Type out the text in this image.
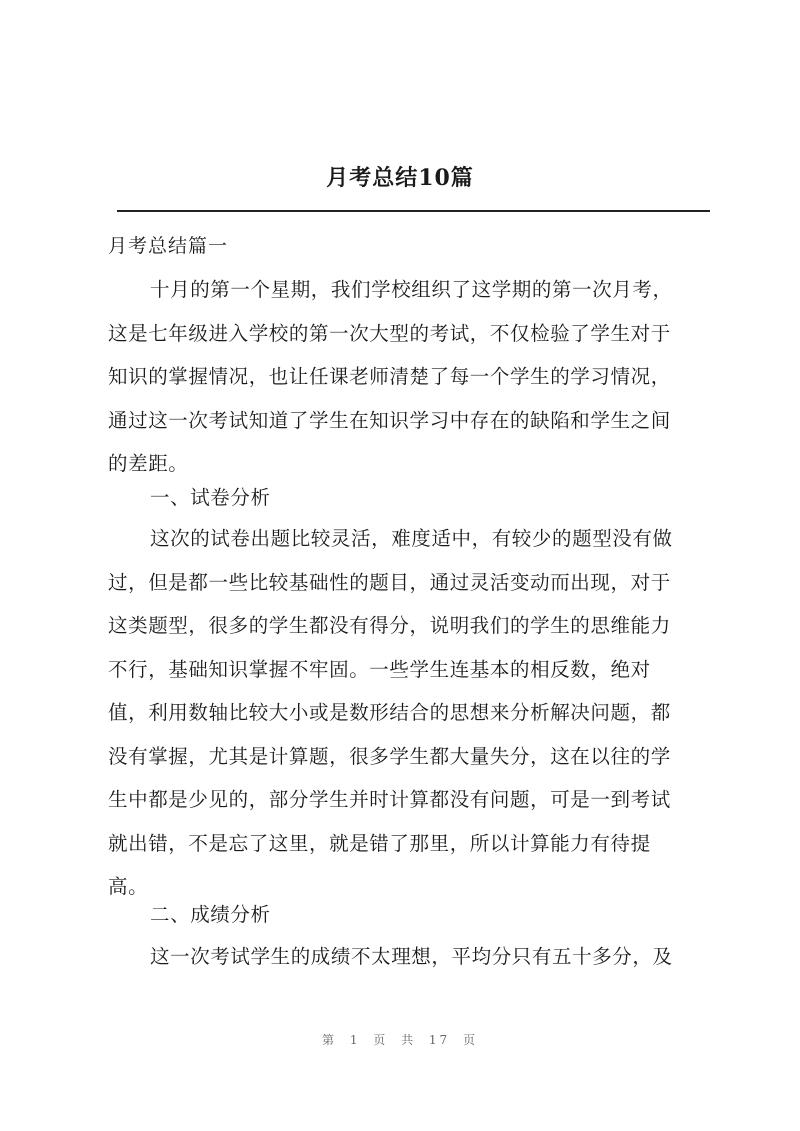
月考总结10篇
月考总结篇一
十月的第一个星期，我们学校组织了这学期的第一次月考，
这是七年级进入学校的第一次大型的考试，不仅检验了学生对于
知识的掌握情况，也让任课老师清楚了每一个学生的学习情况，
通过这一次考试知道了学生在知识学习中存在的缺陷和学生之间
的差距。
一、试卷分析
这次的试卷出题比较灵活，难度适中，有较少的题型没有做
过，但是都一些比较基础性的题目，通过灵活变动而出现，对于
这类题型，很多的学生都没有得分，说明我们的学生的思维能力
不行，基础知识掌握不牢固。一些学生连基本的相反数，绝对
值，利用数轴比较大小或是数形结合的思想来分析解决问题，都
没有掌握，尤其是计算题，很多学生都大量失分，这在以往的学
生中都是少见的，部分学生并时计算都没有问题，可是一到考试
就出错，不是忘了这里，就是错了那里，所以计算能力有待提
高。
二、成绩分析
这一次考试学生的成绩不太理想，平均分只有五十多分，及
第 1 页 共 17 页
